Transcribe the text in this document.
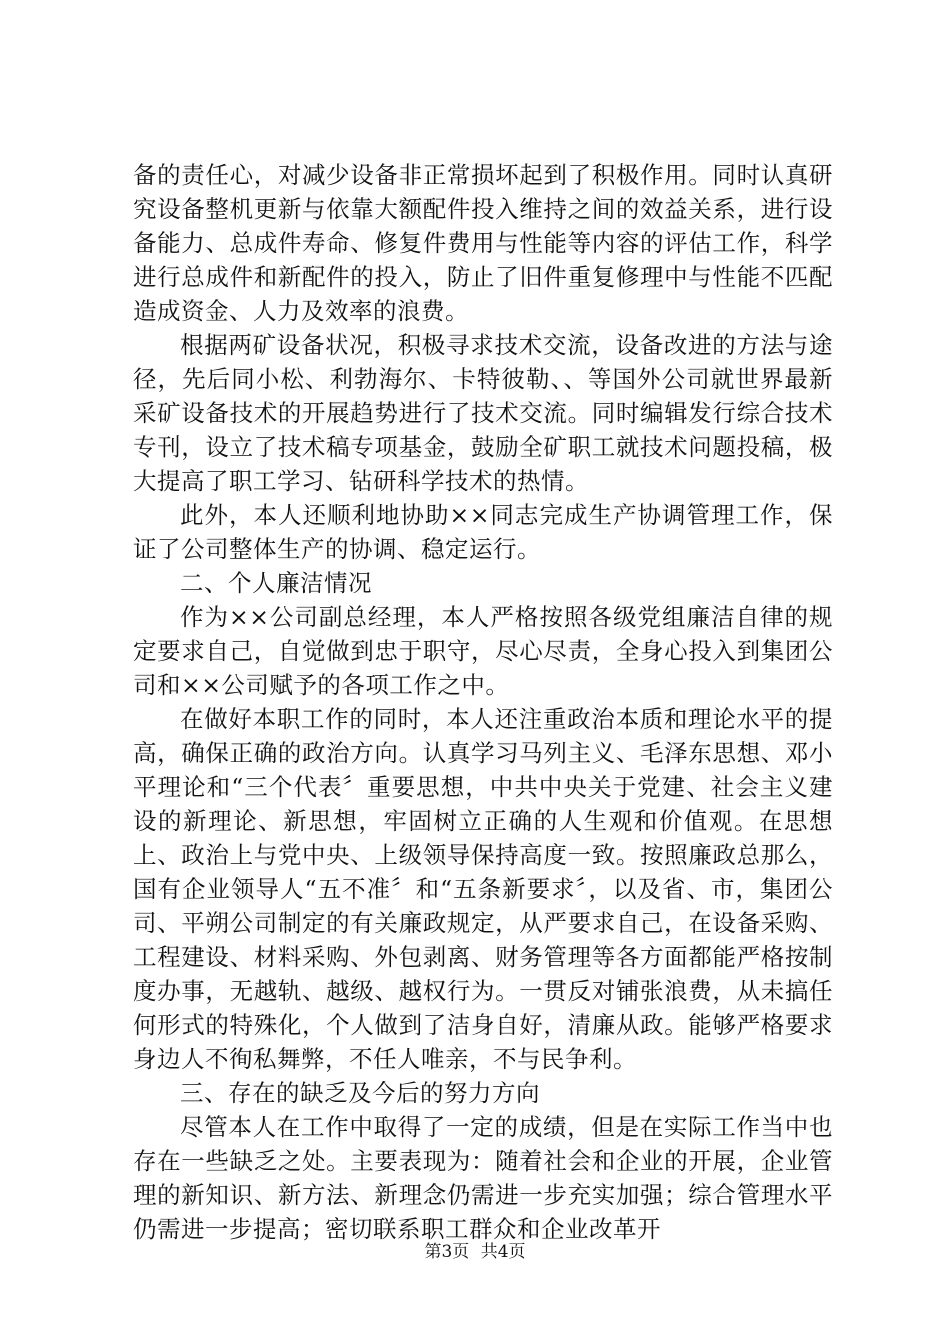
备的责任心，对减少设备非正常损坏起到了积极作用。同时认真研究设备整机更新与依靠大额配件投入维持之间的效益关系，进行设备能力、总成件寿命、修复件费用与性能等内容的评估工作，科学进行总成件和新配件的投入，防止了旧件重复修理中与性能不匹配造成资金、人力及效率的浪费。

根据两矿设备状况，积极寻求技术交流，设备改进的方法与途径，先后同小松、利勃海尔、卡特彼勒、、等国外公司就世界最新采矿设备技术的开展趋势进行了技术交流。同时编辑发行综合技术专刊，设立了技术稿专项基金，鼓励全矿职工就技术问题投稿，极大提高了职工学习、钻研科学技术的热情。

此外，本人还顺利地协助××同志完成生产协调管理工作，保证了公司整体生产的协调、稳定运行。

二、个人廉洁情况

作为××公司副总经理，本人严格按照各级党组廉洁自律的规定要求自己，自觉做到忠于职守，尽心尽责，全身心投入到集团公司和××公司赋予的各项工作之中。

在做好本职工作的同时，本人还注重政治本质和理论水平的提高，确保正确的政治方向。认真学习马列主义、毛泽东思想、邓小平理论和“三个代表〞重要思想，中共中央关于党建、社会主义建设的新理论、新思想，牢固树立正确的人生观和价值观。在思想上、政治上与党中央、上级领导保持高度一致。按照廉政总那么，国有企业领导人“五不准〞和“五条新要求〞，以及省、市，集团公司、平朔公司制定的有关廉政规定，从严要求自己，在设备采购、工程建设、材料采购、外包剥离、财务管理等各方面都能严格按制度办事，无越轨、越级、越权行为。一贯反对铺张浪费，从未搞任何形式的特殊化，个人做到了洁身自好，清廉从政。能够严格要求身边人不徇私舞弊，不任人唯亲，不与民争利。

三、存在的缺乏及今后的努力方向

尽管本人在工作中取得了一定的成绩，但是在实际工作当中也存在一些缺乏之处。主要表现为：随着社会和企业的开展，企业管理的新知识、新方法、新理念仍需进一步充实加强；综合管理水平仍需进一步提高；密切联系职工群众和企业改革开

第3页 共4页
